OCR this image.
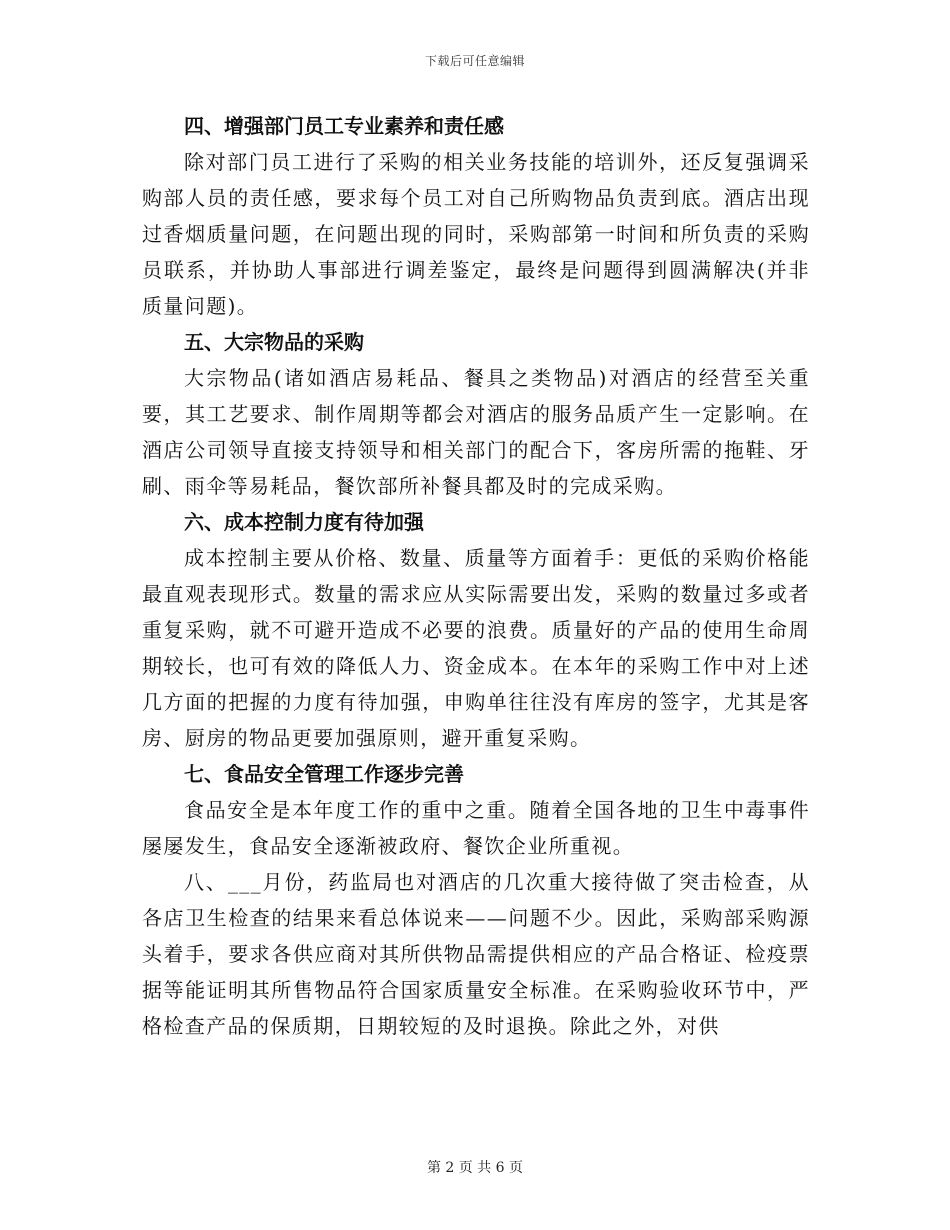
下载后可任意编辑
四、增强部门员工专业素养和责任感

除对部门员工进行了采购的相关业务技能的培训外，还反复强调采购部人员的责任感，要求每个员工对自己所购物品负责到底。酒店出现过香烟质量问题，在问题出现的同时，采购部第一时间和所负责的采购员联系，并协助人事部进行调差鉴定，最终是问题得到圆满解决(并非质量问题)。

五、大宗物品的采购

大宗物品(诸如酒店易耗品、餐具之类物品)对酒店的经营至关重要，其工艺要求、制作周期等都会对酒店的服务品质产生一定影响。在酒店公司领导直接支持领导和相关部门的配合下，客房所需的拖鞋、牙刷、雨伞等易耗品，餐饮部所补餐具都及时的完成采购。

六、成本控制力度有待加强

成本控制主要从价格、数量、质量等方面着手：更低的采购价格能最直观表现形式。数量的需求应从实际需要出发，采购的数量过多或者重复采购，就不可避开造成不必要的浪费。质量好的产品的使用生命周期较长，也可有效的降低人力、资金成本。在本年的采购工作中对上述几方面的把握的力度有待加强，申购单往往没有库房的签字，尤其是客房、厨房的物品更要加强原则，避开重复采购。

七、食品安全管理工作逐步完善

食品安全是本年度工作的重中之重。随着全国各地的卫生中毒事件屡屡发生，食品安全逐渐被政府、餐饮企业所重视。

八、___月份，药监局也对酒店的几次重大接待做了突击检查，从各店卫生检查的结果来看总体说来——问题不少。因此，采购部采购源头着手，要求各供应商对其所供物品需提供相应的产品合格证、检疫票据等能证明其所售物品符合国家质量安全标准。在采购验收环节中，严格检查产品的保质期，日期较短的及时退换。除此之外，对供

第 2 页 共 6 页
